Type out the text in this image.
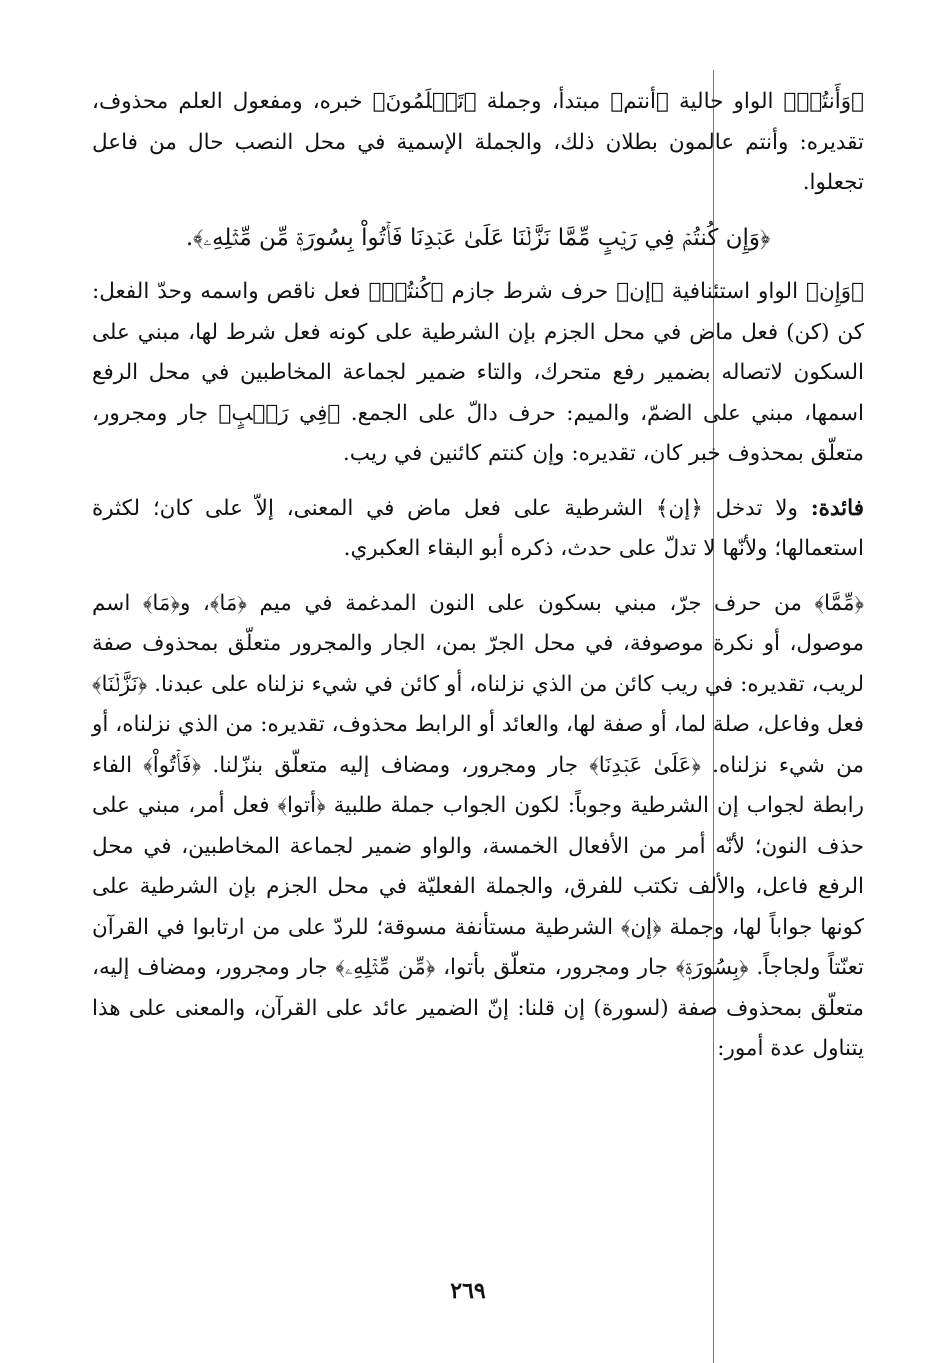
﴿وَأَنتُمۡ﴾ الواو حالية ﴿أنتم﴾ مبتدأ، وجملة ﴿تَعۡلَمُونَ﴾ خبره، ومفعول العلم محذوف، تقديره: وأنتم عالمون بطلان ذلك، والجملة الإسمية في محل النصب حال من فاعل تجعلوا.

﴿وَإِن كُنتُمۡ فِي رَيۡبٍ مِّمَّا نَزَّلۡنَا عَلَىٰ عَبۡدِنَا فَأۡتُواْ بِسُورَةٖ مِّن مِّثۡلِهِۦ﴾.

﴿وَإِن﴾ الواو استئنافية ﴿إن﴾ حرف شرط جازم ﴿كُنتُمۡ﴾ فعل ناقص واسمه وحدّ الفعل: كن (كن) فعل ماض في محل الجزم بإن الشرطية على كونه فعل شرط لها، مبني على السكون لاتصاله بضمير رفع متحرك، والتاء ضمير لجماعة المخاطبين في محل الرفع اسمها، مبني على الضمّ، والميم: حرف دالّ على الجمع. ﴿فِي رَيۡبٍ﴾ جار ومجرور، متعلّق بمحذوف خبر كان، تقديره: وإن كنتم كائنين في ريب.

فائدة: ولا تدخل ﴿إن﴾ الشرطية على فعل ماض في المعنى، إلاّ على كان؛ لكثرة استعمالها؛ ولأنّها لا تدلّ على حدث، ذكره أبو البقاء العكبري.

﴿مِّمَّا﴾ من حرف جرّ، مبني بسكون على النون المدغمة في ميم ﴿مَا﴾، و﴿مَا﴾ اسم موصول، أو نكرة موصوفة، في محل الجرّ بمن، الجار والمجرور متعلّق بمحذوف صفة لريب، تقديره: في ريب كائن من الذي نزلناه، أو كائن في شيء نزلناه على عبدنا. ﴿نَزَّلۡنَا﴾ فعل وفاعل، صلة لما، أو صفة لها، والعائد أو الرابط محذوف، تقديره: من الذي نزلناه، أو من شيء نزلناه. ﴿عَلَىٰ عَبۡدِنَا﴾ جار ومجرور، ومضاف إليه متعلّق بنزّلنا. ﴿فَأۡتُواْ﴾ الفاء رابطة لجواب إن الشرطية وجوباً: لكون الجواب جملة طلبية ﴿أتوا﴾ فعل أمر، مبني على حذف النون؛ لأنّه أمر من الأفعال الخمسة، والواو ضمير لجماعة المخاطبين، في محل الرفع فاعل، والألف تكتب للفرق، والجملة الفعليّة في محل الجزم بإن الشرطية على كونها جواباً لها، وجملة ﴿إن﴾ الشرطية مستأنفة مسوقة؛ للردّ على من ارتابوا في القرآن تعنّتاً ولجاجاً. ﴿بِسُورَةٖ﴾ جار ومجرور، متعلّق بأتوا، ﴿مِّن مِّثۡلِهِۦ﴾ جار ومجرور، ومضاف إليه، متعلّق بمحذوف صفة (لسورة) إن قلنا: إنّ الضمير عائد على القرآن، والمعنى على هذا يتناول عدة أمور:

٢٦٩
